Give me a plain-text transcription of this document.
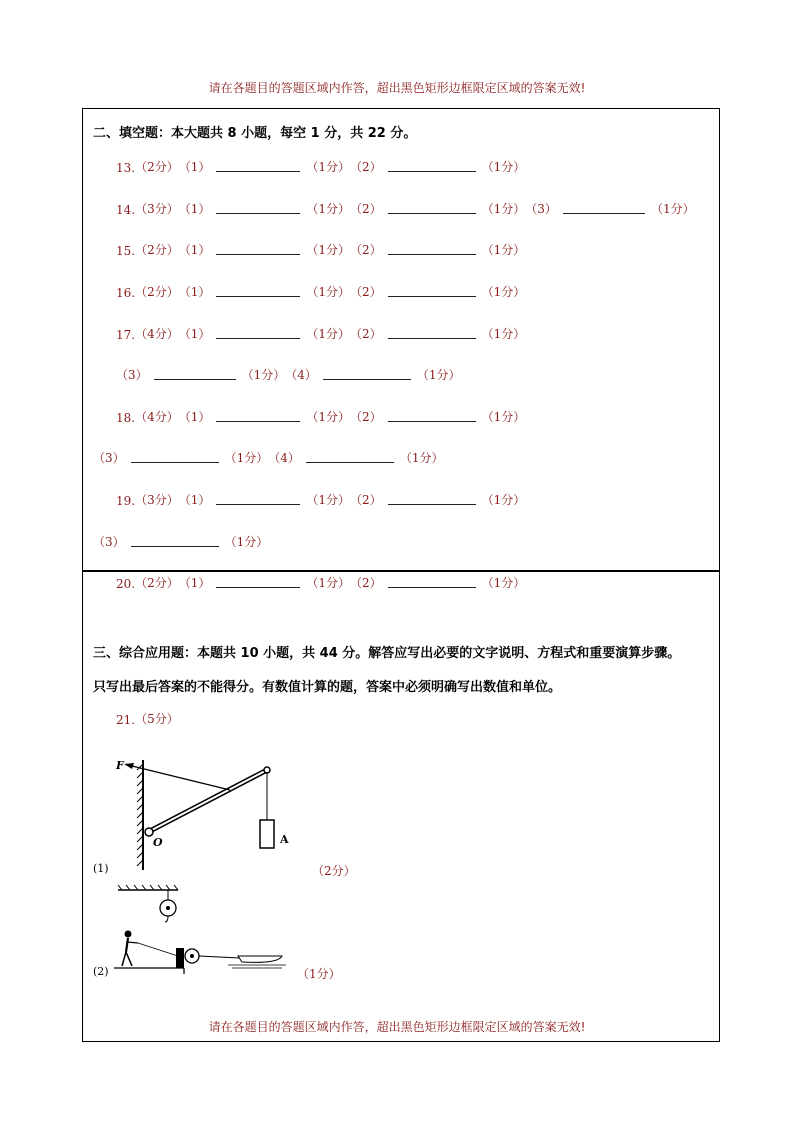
请在各题目的答题区域内作答，超出黑色矩形边框限定区域的答案无效!
二、填空题：本大题共 8 小题，每空 1 分，共 22 分。
13. （2分） （1）	（1分） （2）	（1分）
14. （3分） （1）	（1分） （2）	（1分） （3）	（1分）
15. （2分） （1）	（1分） （2）	（1分）
16. （2分） （1）	（1分） （2）	（1分）
17. （4分） （1）	（1分） （2）	（1分）
（3）	（1分） （4）	（1分）
18. （4分） （1）	（1分） （2）	（1分）
（3）	（1分） （4）	（1分）
19. （3分） （1）	（1分） （2）	（1分）
（3）	（1分）
20. （2分） （1）	（1分） （2）	（1分）
三、综合应用题：本题共 10 小题，共 44 分。解答应写出必要的文字说明、方程式和重要演算步骤。
只写出最后答案的不能得分。有数值计算的题，答案中必须明确写出数值和单位。
21. （5分）
F
O	A
(1)	（2分）
(2)	（1分）
请在各题目的答题区域内作答，超出黑色矩形边框限定区域的答案无效!
